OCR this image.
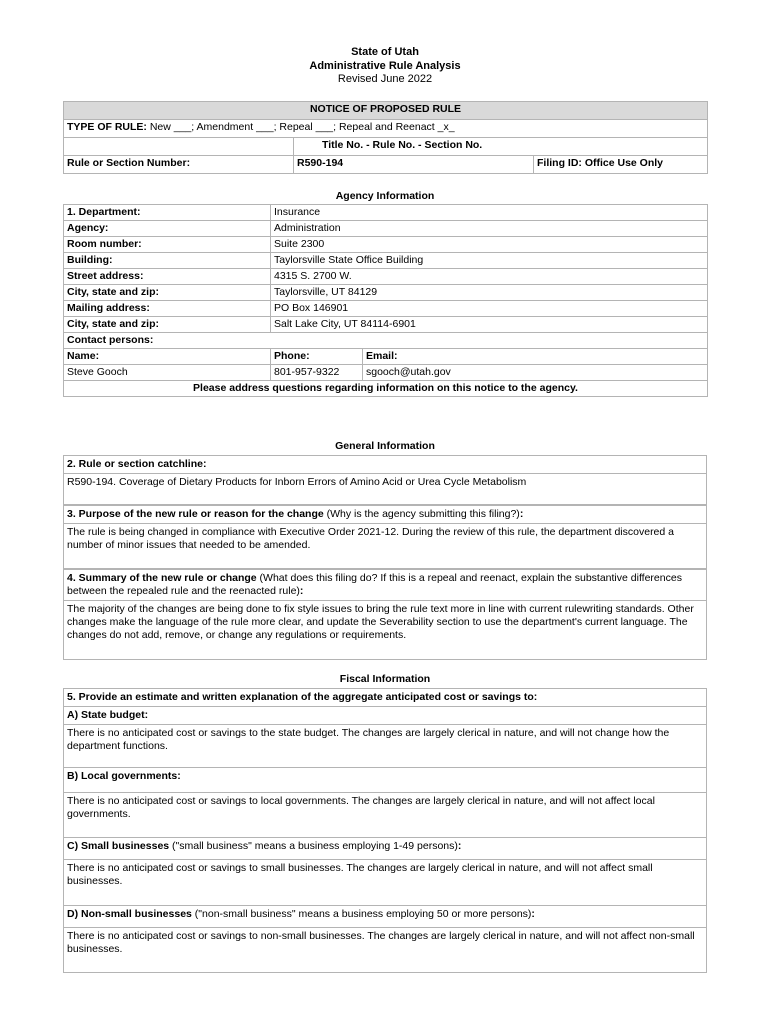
State of Utah
Administrative Rule Analysis
Revised June 2022
NOTICE OF PROPOSED RULE		
TYPE OF RULE: New ___; Amendment ___; Repeal ___; Repeal and Reenact _x_		
	Title No. - Rule No. - Section No.	
Rule or Section Number:	R590-194	Filing ID: Office Use Only
Agency Information
1. Department:	Insurance	
Agency:	Administration	
Room number:	Suite 2300	
Building:	Taylorsville State Office Building	
Street address:	4315 S. 2700 W.	
City, state and zip:	Taylorsville, UT 84129	
Mailing address:	PO Box 146901	
City, state and zip:	Salt Lake City, UT 84114-6901	
Contact persons:		
Name:	Phone:	Email:
Steve Gooch	801-957-9322	sgooch@utah.gov
Please address questions regarding information on this notice to the agency.		
General Information
2. Rule or section catchline:
R590-194. Coverage of Dietary Products for Inborn Errors of Amino Acid or Urea Cycle Metabolism
3. Purpose of the new rule or reason for the change (Why is the agency submitting this filing?):
The rule is being changed in compliance with Executive Order 2021-12. During the review of this rule, the department discovered a number of minor issues that needed to be amended.
4. Summary of the new rule or change (What does this filing do? If this is a repeal and reenact, explain the substantive differences between the repealed rule and the reenacted rule):
The majority of the changes are being done to fix style issues to bring the rule text more in line with current rulewriting standards. Other changes make the language of the rule more clear, and update the Severability section to use the department's current language. The changes do not add, remove, or change any regulations or requirements.
Fiscal Information
5. Provide an estimate and written explanation of the aggregate anticipated cost or savings to:
A) State budget:
There is no anticipated cost or savings to the state budget. The changes are largely clerical in nature, and will not change how the department functions.
B) Local governments:
There is no anticipated cost or savings to local governments. The changes are largely clerical in nature, and will not affect local governments.
C) Small businesses ("small business" means a business employing 1-49 persons):
There is no anticipated cost or savings to small businesses. The changes are largely clerical in nature, and will not affect small businesses.
D) Non-small businesses ("non-small business" means a business employing 50 or more persons):
There is no anticipated cost or savings to non-small businesses. The changes are largely clerical in nature, and will not affect non-small businesses.
